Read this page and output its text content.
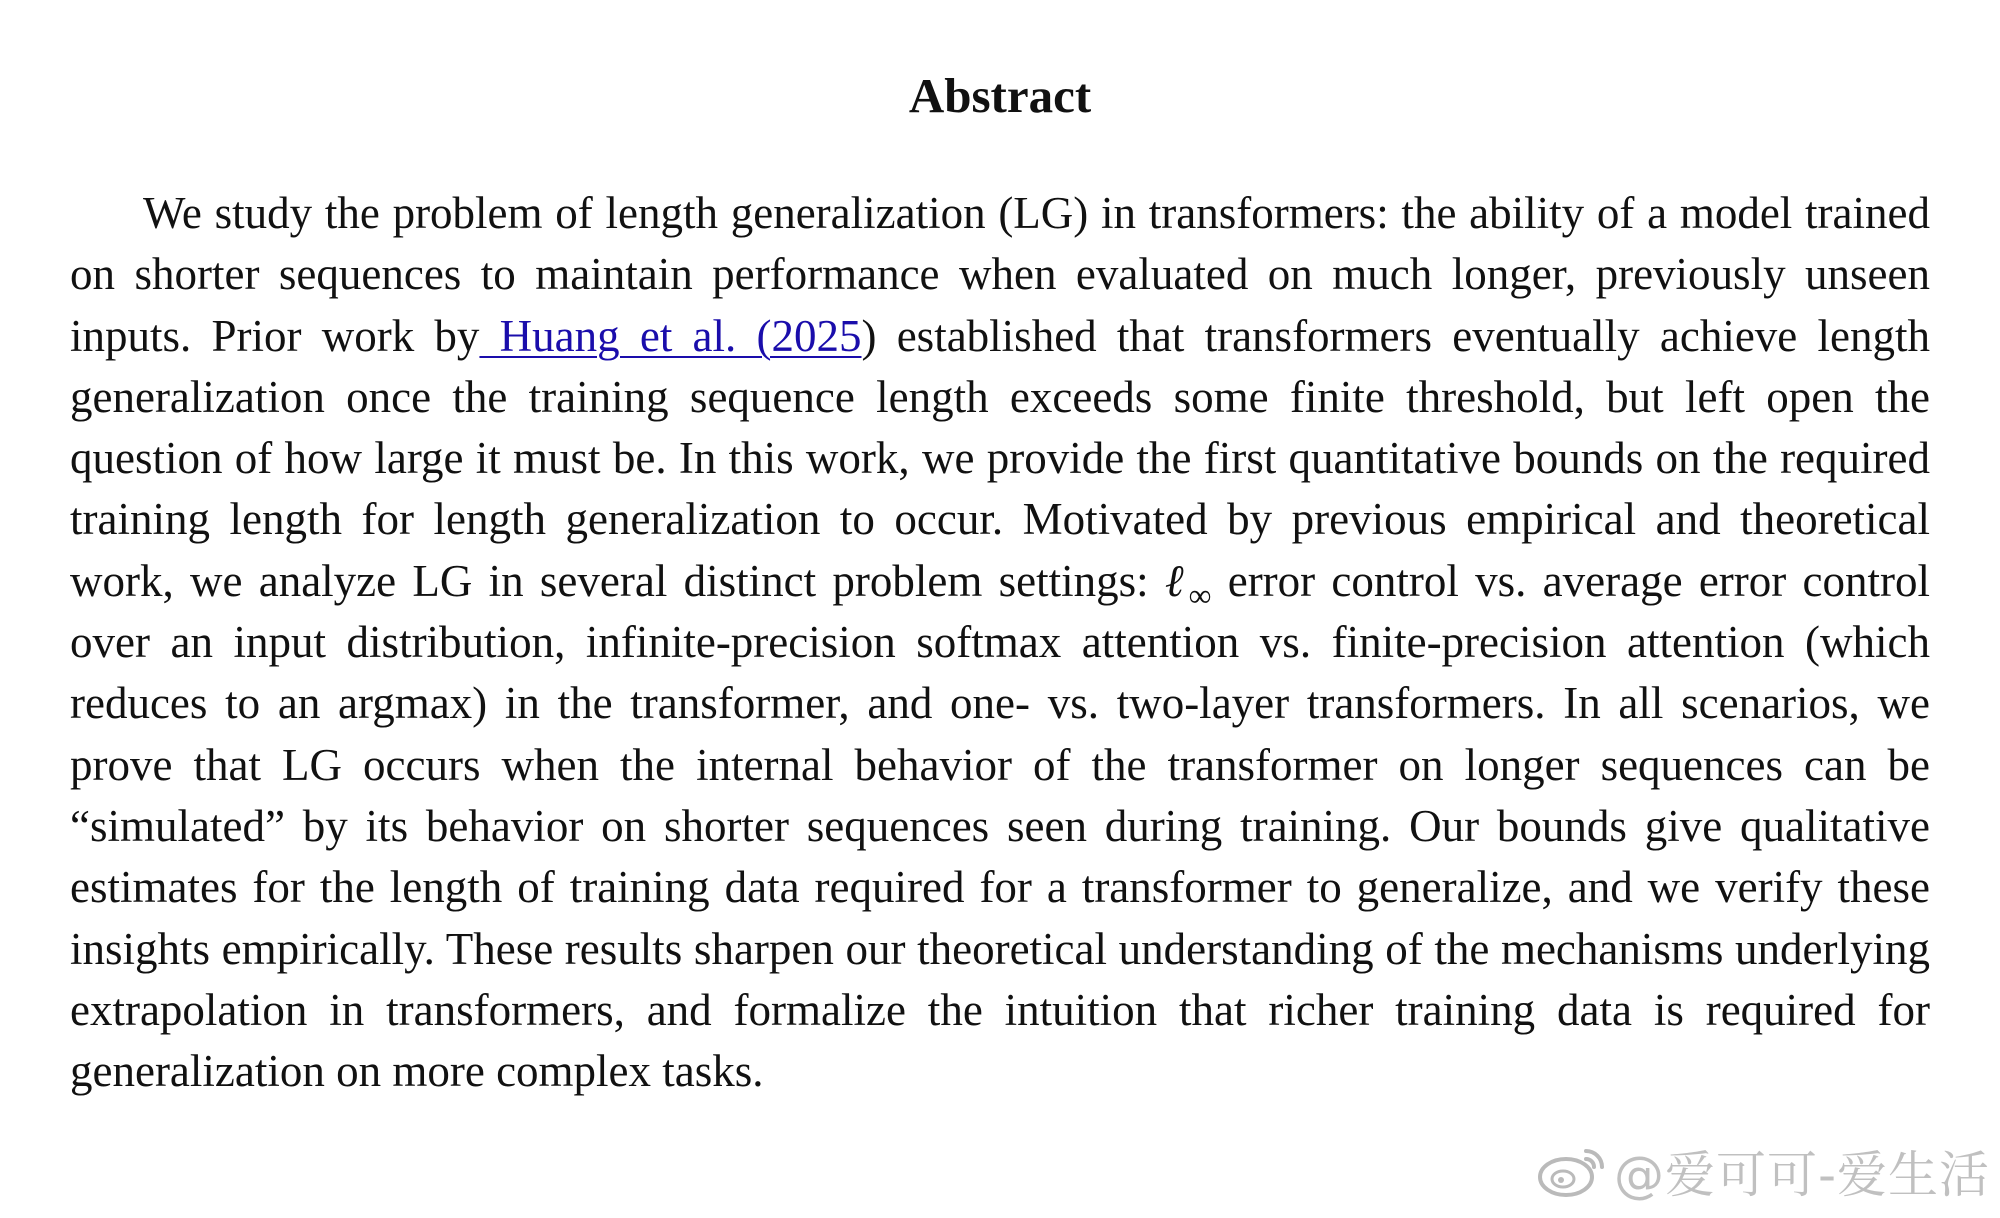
Abstract

We study the problem of length generalization (LG) in transformers: the ability of a model trained on shorter sequences to maintain performance when evaluated on much longer, previously unseen inputs. Prior work by Huang et al. (2025) established that transformers eventually achieve length generalization once the training sequence length exceeds some finite threshold, but left open the question of how large it must be. In this work, we provide the first quantitative bounds on the required training length for length generalization to occur. Motivated by previous empirical and theoretical work, we analyze LG in several distinct problem settings: ℓ$_\infty$ error control vs. average error control over an input distribution, infinite-precision softmax attention vs. finite-precision attention (which reduces to an argmax) in the transformer, and one- vs. two-layer transformers. In all scenarios, we prove that LG occurs when the internal behavior of the transformer on longer sequences can be “simulated” by its behavior on shorter sequences seen during training. Our bounds give qualitative estimates for the length of training data required for a transformer to generalize, and we verify these insights empirically. These results sharpen our theoretical understanding of the mechanisms underlying extrapolation in transformers, and formalize the intuition that richer training data is required for generalization on more complex tasks.

@爱可可-爱生活
